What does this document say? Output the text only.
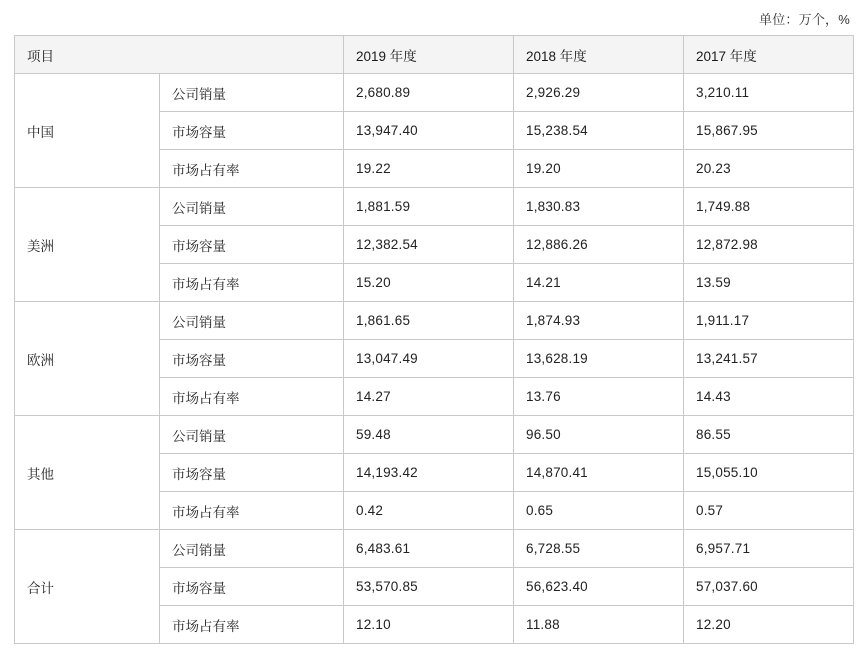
单位：万个，%
项目		2019 年度	2018 年度	2017 年度
中国	公司销量	2,680.89	2,926.29	3,210.11
	市场容量	13,947.40	15,238.54	15,867.95
	市场占有率	19.22	19.20	20.23
美洲	公司销量	1,881.59	1,830.83	1,749.88
	市场容量	12,382.54	12,886.26	12,872.98
	市场占有率	15.20	14.21	13.59
欧洲	公司销量	1,861.65	1,874.93	1,911.17
	市场容量	13,047.49	13,628.19	13,241.57
	市场占有率	14.27	13.76	14.43
其他	公司销量	59.48	96.50	86.55
	市场容量	14,193.42	14,870.41	15,055.10
	市场占有率	0.42	0.65	0.57
合计	公司销量	6,483.61	6,728.55	6,957.71
	市场容量	53,570.85	56,623.40	57,037.60
	市场占有率	12.10	11.88	12.20
